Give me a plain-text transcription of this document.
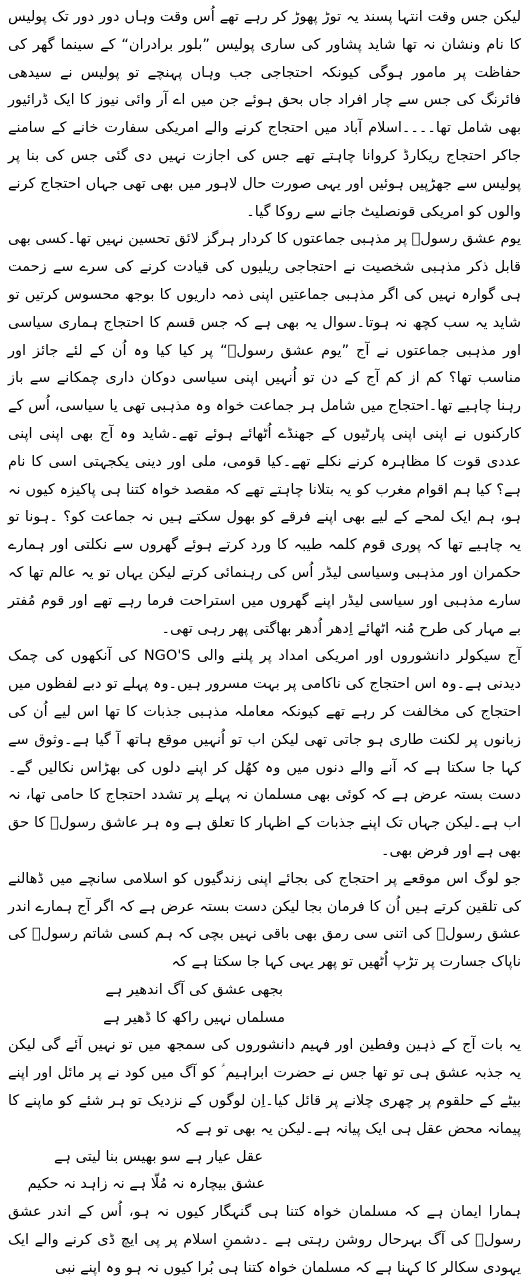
لیکن جس وقت انتہا پسند یہ توڑ پھوڑ کر رہے تھے اُس وقت وہاں دور دور تک پولیس کا نام ونشان نہ تھا شاید پشاور کی ساری پولیس ”بلور برادران“ کے سینما گھر کی حفاظت پر مامور ہوگی کیونکہ احتجاجی جب وہاں پہنچے تو پولیس نے سیدھی فائرنگ کی جس سے چار افراد جاں بحق ہوئے جن میں اے آر وائی نیوز کا ایک ڈرائیور بھی شامل تھا۔۔۔۔اسلام آباد میں احتجاج کرنے والے امریکی سفارت خانے کے سامنے جاکر احتجاج ریکارڈ کروانا چاہتے تھے جس کی اجازت نہیں دی گئی جس کی بنا پر پولیس سے جھڑپیں ہوئیں اور یہی صورت حال لاہور میں بھی تھی جہاں احتجاج کرنے والوں کو امریکی قونصلیٹ جانے سے روکا گیا۔

یوم عشق رسولؐ پر مذہبی جماعتوں کا کردار ہرگز لائق تحسین نہیں تھا۔کسی بھی قابل ذکر مذہبی شخصیت نے احتجاجی ریلیوں کی قیادت کرنے کی سرے سے زحمت ہی گوارہ نہیں کی اگر مذہبی جماعتیں اپنی ذمہ داریوں کا بوجھ محسوس کرتیں تو شاید یہ سب کچھ نہ ہوتا۔سوال یہ بھی ہے کہ جس قسم کا احتجاج ہماری سیاسی اور مذہبی جماعتوں نے آج ”یوم عشق رسولؐ“ پر کیا کیا وہ اُن کے لئے جائز اور مناسب تھا؟ کم از کم آج کے دن تو اُنہیں اپنی سیاسی دوکان داری چمکانے سے باز رہنا چاہیے تھا۔احتجاج میں شامل ہر جماعت خواہ وہ مذہبی تھی یا سیاسی، اُس کے کارکنوں نے اپنی اپنی پارٹیوں کے جھنڈے اُٹھائے ہوئے تھے۔شاید وہ آج بھی اپنی اپنی عددی قوت کا مظاہرہ کرنے نکلے تھے۔کیا قومی، ملی اور دینی یکجہتی اسی کا نام ہے؟ کیا ہم اقوام مغرب کو یہ بتلانا چاہتے تھے کہ مقصد خواہ کتنا ہی پاکیزہ کیوں نہ ہو، ہم ایک لمحے کے لیے بھی اپنے فرقے کو بھول سکتے ہیں نہ جماعت کو؟ ۔ہونا تو یہ چاہیے تھا کہ پوری قوم کلمہ طیبہ کا ورد کرتے ہوئے گھروں سے نکلتی اور ہمارے حکمران اور مذہبی وسیاسی لیڈر اُس کی رہنمائی کرتے لیکن یہاں تو یہ عالم تھا کہ سارے مذہبی اور سیاسی لیڈر اپنے گھروں میں استراحت فرما رہے تھے اور قوم مُفتر بے مہار کی طرح مُنہ اٹھائے اِدھر اُدھر بھاگتی پھر رہی تھی۔

آج سیکولر دانشوروں اور امریکی امداد پر پلنے والی NGO'S کی آنکھوں کی چمک دیدنی ہے۔وہ اس احتجاج کی ناکامی پر بہت مسرور ہیں۔وہ پہلے تو دبے لفظوں میں احتجاج کی مخالفت کر رہے تھے کیونکہ معاملہ مذہبی جذبات کا تھا اس لیے اُن کی زبانوں پر لکنت طاری ہو جاتی تھی لیکن اب تو اُنہیں موقع ہاتھ آ گیا ہے۔وثوق سے کہا جا سکتا ہے کہ آنے والے دنوں میں وہ کھُل کر اپنے دلوں کی بھڑاس نکالیں گے۔دست بستہ عرض ہے کہ کوئی بھی مسلمان نہ پہلے پر تشدد احتجاج کا حامی تھا، نہ اب ہے۔لیکن جہاں تک اپنے جذبات کے اظہار کا تعلق ہے وہ ہر عاشق رسولؐ کا حق بھی ہے اور فرض بھی۔

جو لوگ اس موقعے پر احتجاج کی بجائے اپنی زندگیوں کو اسلامی سانچے میں ڈھالنے کی تلقین کرتے ہیں اُن کا فرمان بجا لیکن دست بستہ عرض ہے کہ اگر آج ہمارے اندر عشق رسولؐ کی اتنی سی رمق بھی باقی نہیں بچی کہ ہم کسی شاتم رسولؐ کی ناپاک جسارت پر تڑپ اُٹھیں تو پھر یہی کہا جا سکتا ہے کہ

بجھی عشق کی آگ اندھیر ہے

مسلماں نہیں راکھ کا ڈھیر ہے

یہ بات آج کے ذہین وفطین اور فہیم دانشوروں کی سمجھ میں تو نہیں آئے گی لیکن یہ جذبہ عشق ہی تو تھا جس نے حضرت ابراہیم ؑ کو آگ میں کود نے پر مائل اور اپنے بیٹے کے حلقوم پر چھری چلانے پر قائل کیا۔اِن لوگوں کے نزدیک تو ہر شئے کو ماپنے کا پیمانہ محض عقل ہی ایک پیانہ ہے۔لیکن یہ بھی تو ہے کہ

عقل عیار ہے سو بھیس بنا لیتی ہے

عشق بیچارہ نہ مُلّا ہے نہ زاہد نہ حکیم

ہمارا ایمان ہے کہ مسلمان خواہ کتنا ہی گنہگار کیوں نہ ہو، اُس کے اندر عشق رسولؐ کی آگ بہرحال روشن رہتی ہے ۔دشمنِ اسلام پر پی ایچ ڈی کرنے والے ایک یہودی سکالر کا کہنا ہے کہ مسلمان خواہ کتنا ہی بُرا کیوں نہ ہو وہ اپنے نبی
